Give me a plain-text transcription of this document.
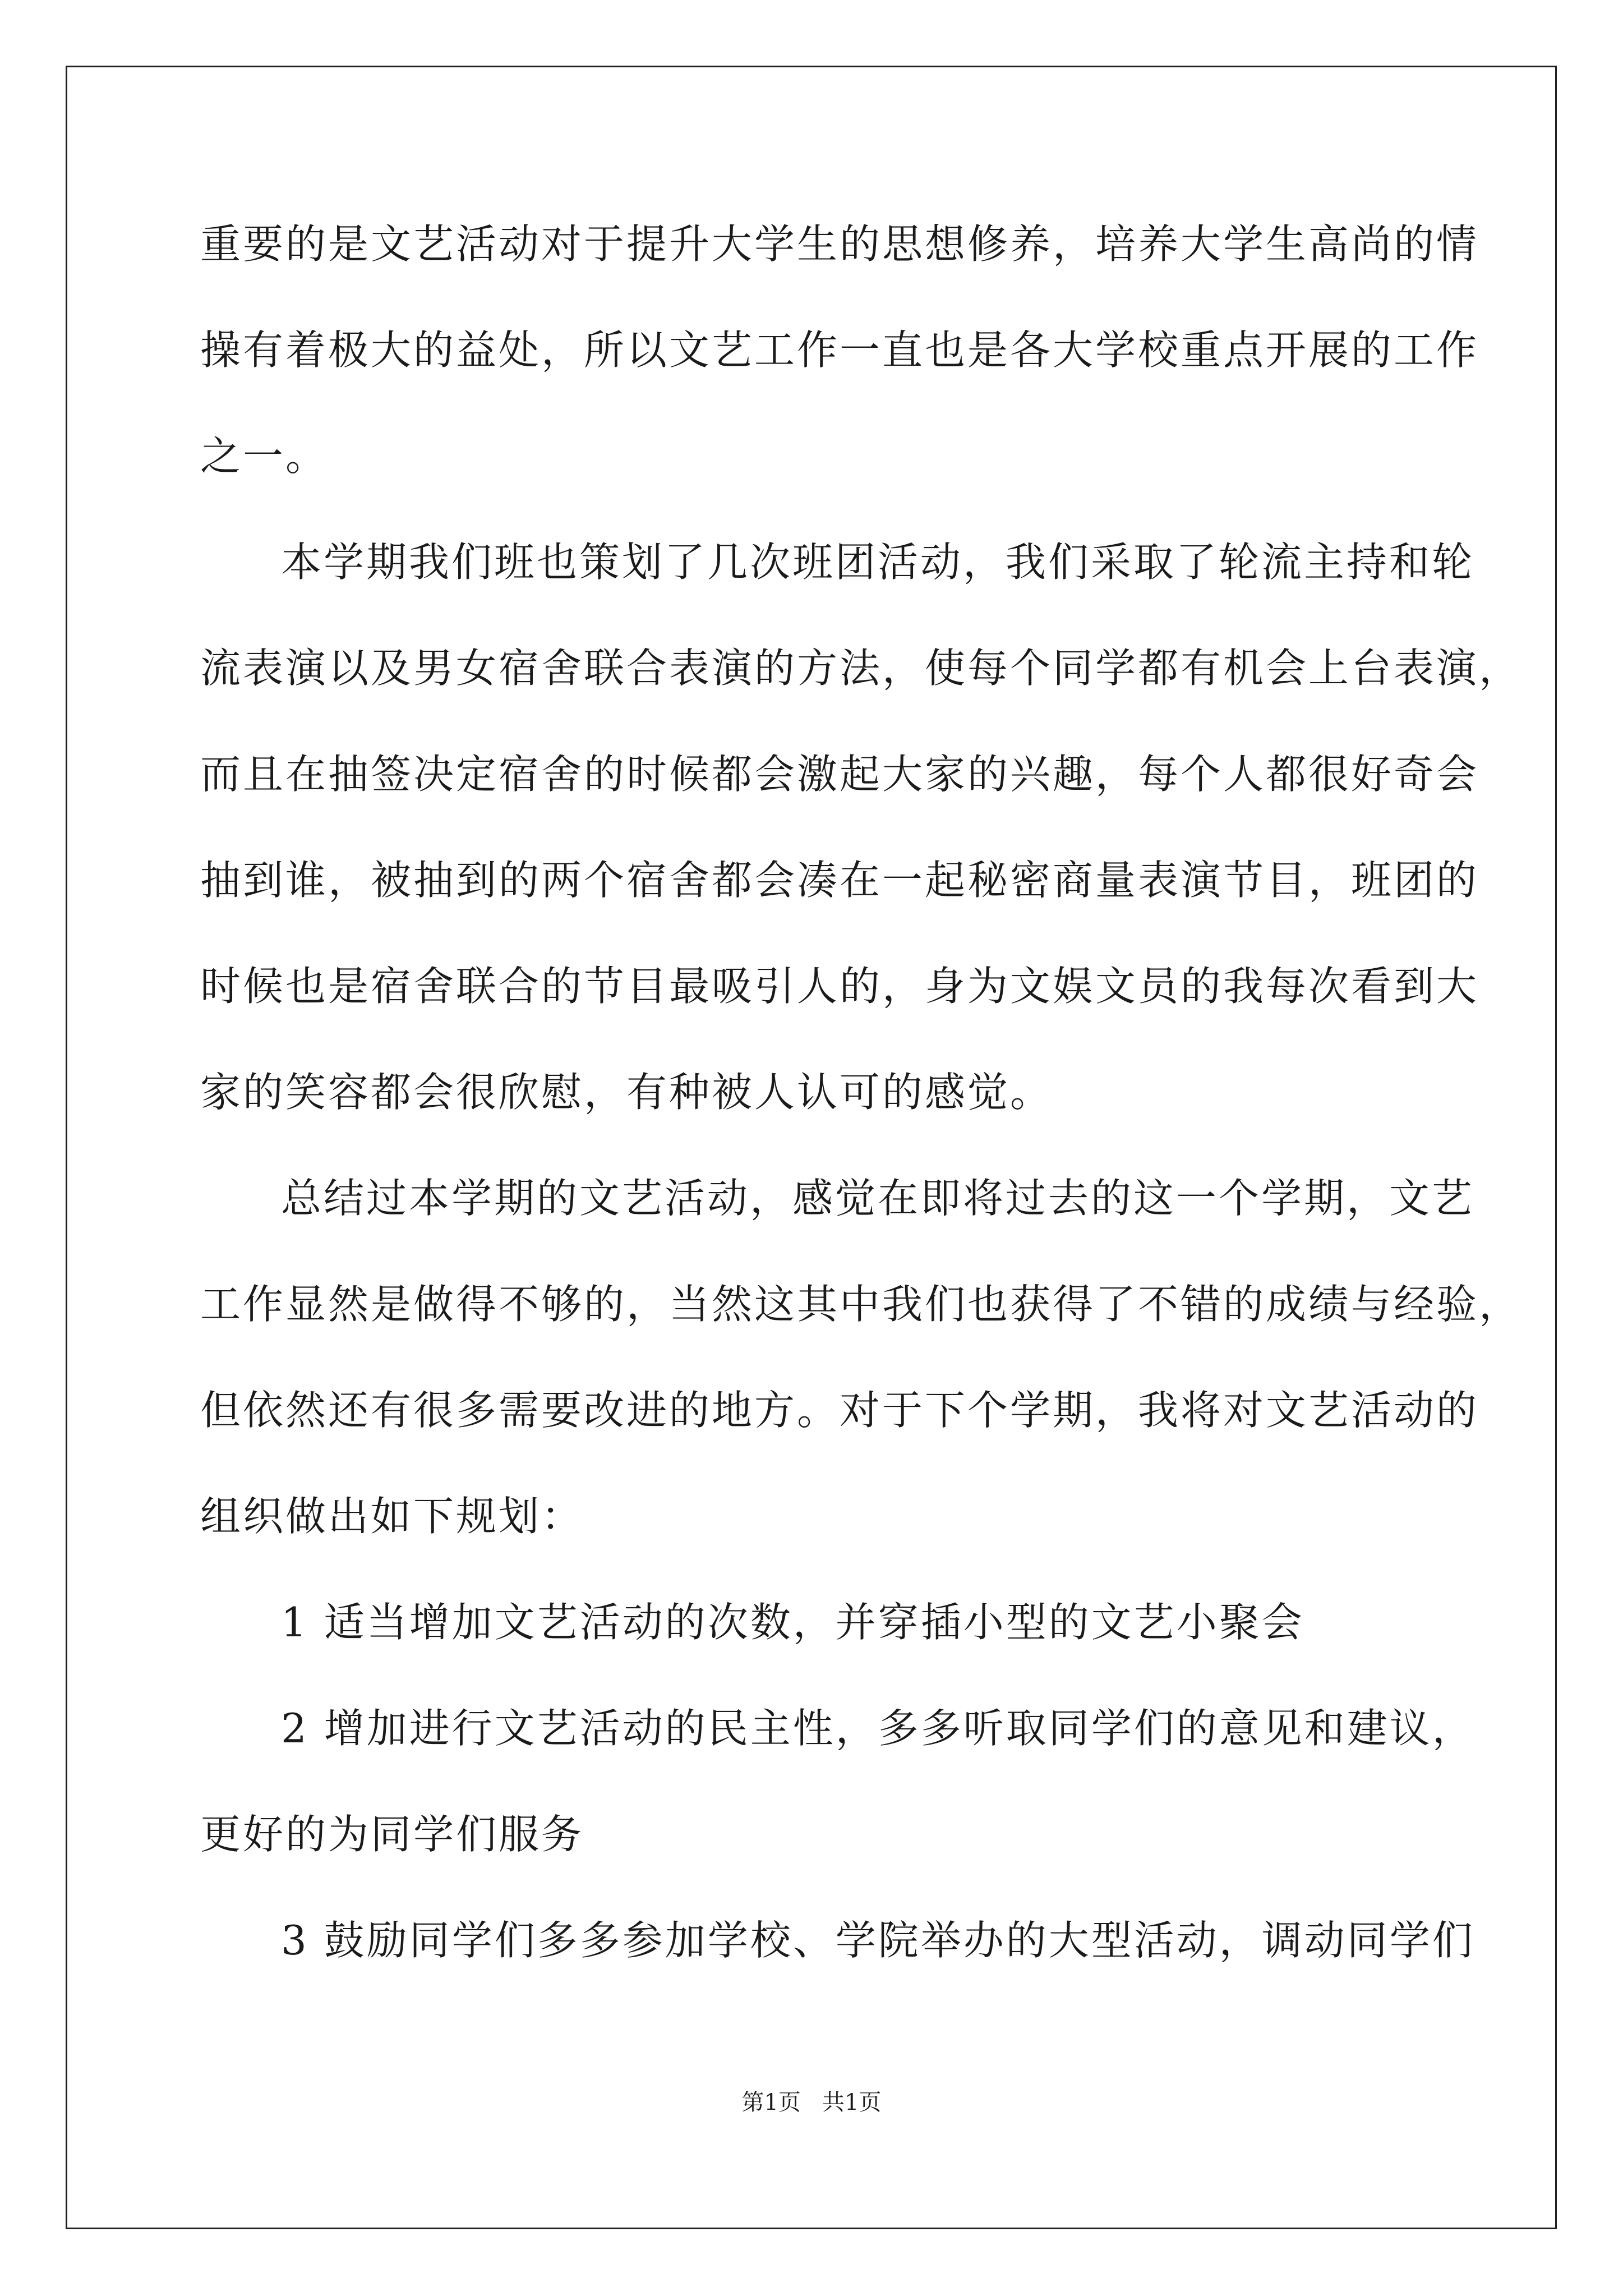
重要的是文艺活动对于提升大学生的思想修养，培养大学生高尚的情
操有着极大的益处，所以文艺工作一直也是各大学校重点开展的工作
之一。
本学期我们班也策划了几次班团活动，我们采取了轮流主持和轮
流表演以及男女宿舍联合表演的方法，使每个同学都有机会上台表演，
而且在抽签决定宿舍的时候都会激起大家的兴趣，每个人都很好奇会
抽到谁，被抽到的两个宿舍都会凑在一起秘密商量表演节目，班团的
时候也是宿舍联合的节目最吸引人的，身为文娱文员的我每次看到大
家的笑容都会很欣慰，有种被人认可的感觉。
总结过本学期的文艺活动，感觉在即将过去的这一个学期，文艺
工作显然是做得不够的，当然这其中我们也获得了不错的成绩与经验，
但依然还有很多需要改进的地方。对于下个学期，我将对文艺活动的
组织做出如下规划：
1 适当增加文艺活动的次数，并穿插小型的文艺小聚会
2 增加进行文艺活动的民主性，多多听取同学们的意见和建议，
更好的为同学们服务
3 鼓励同学们多多参加学校、学院举办的大型活动，调动同学们
第1页   共1页
